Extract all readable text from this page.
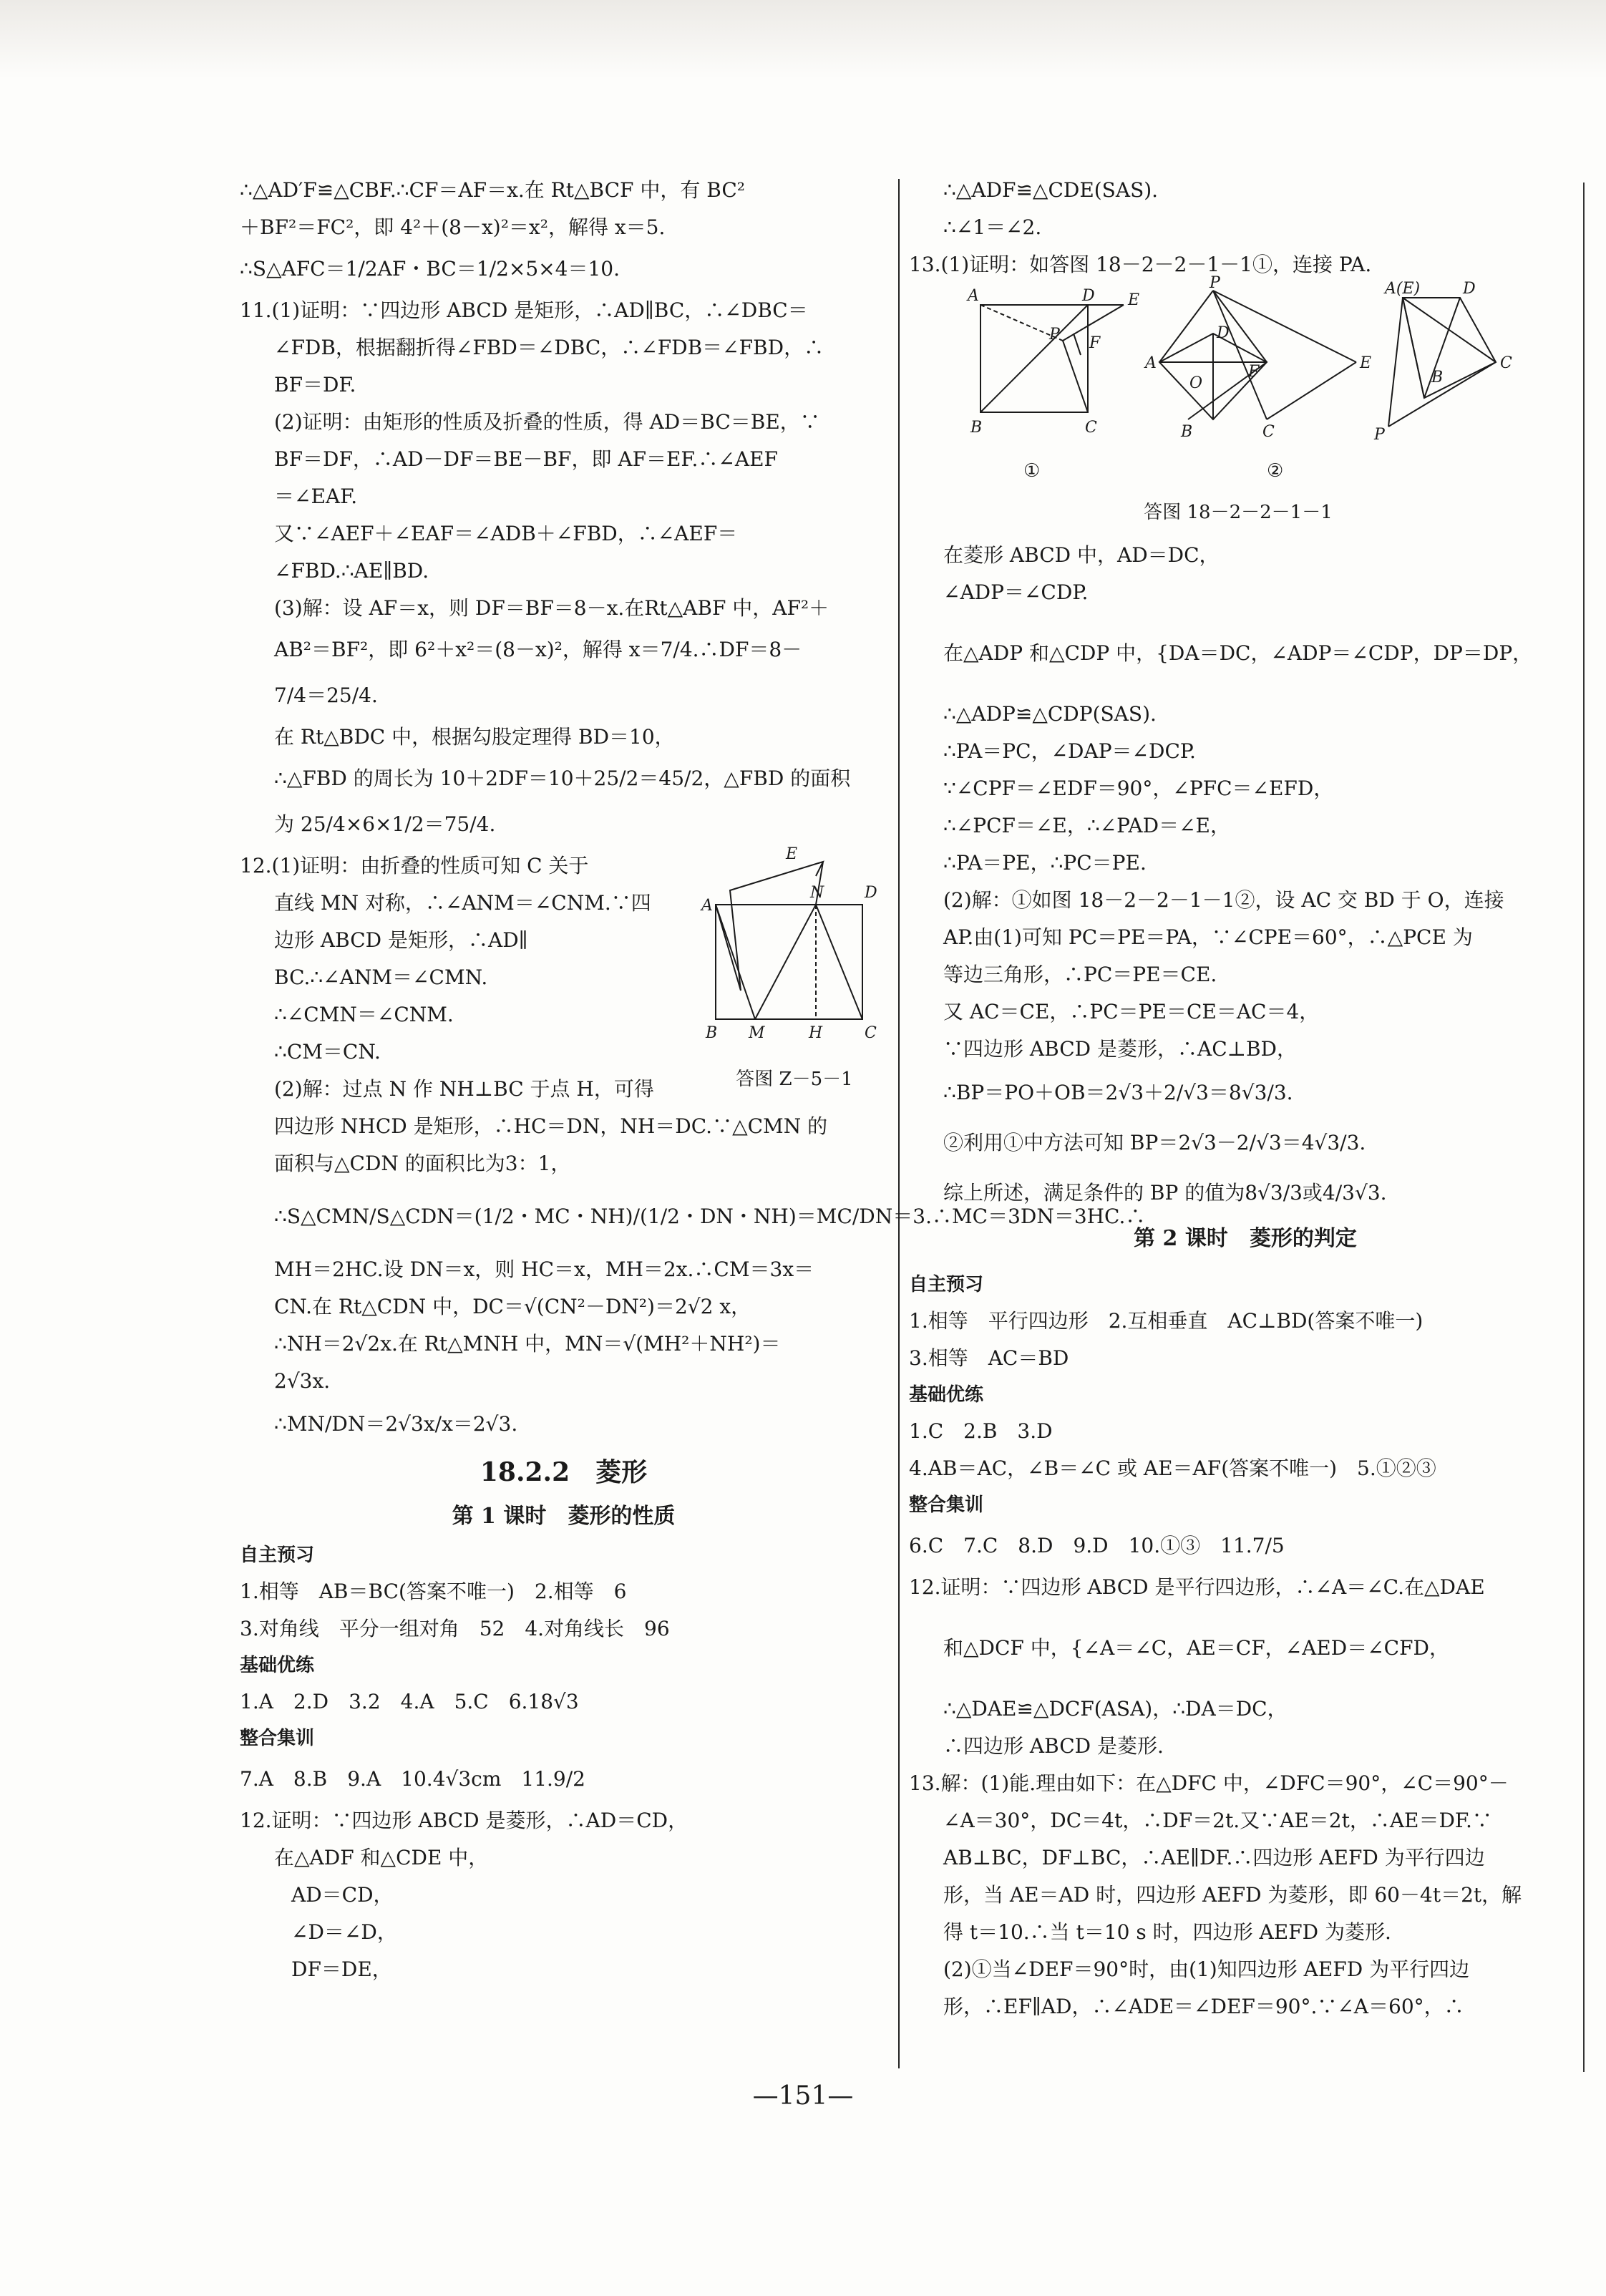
∴△AD′F≌△CBF.∴CF＝AF＝x.在 Rt△BCF 中，有 BC²
＋BF²＝FC²，即 4²＋(8－x)²＝x²，解得 x＝5.
∴S△AFC＝1/2AF・BC＝1/2×5×4＝10.
11.(1)证明：∵四边形 ABCD 是矩形，∴AD∥BC，∴∠DBC＝
∠FDB，根据翻折得∠FBD＝∠DBC，∴∠FDB＝∠FBD，∴
BF＝DF.
(2)证明：由矩形的性质及折叠的性质，得 AD＝BC＝BE，∵
BF＝DF，∴AD－DF＝BE－BF，即 AF＝EF.∴∠AEF
＝∠EAF.
又∵∠AEF＋∠EAF＝∠ADB＋∠FBD，∴∠AEF＝
∠FBD.∴AE∥BD.
(3)解：设 AF＝x，则 DF＝BF＝8－x.在Rt△ABF 中，AF²＋
AB²＝BF²，即 6²＋x²＝(8－x)²，解得 x＝7/4.∴DF＝8－
7/4＝25/4.
在 Rt△BDC 中，根据勾股定理得 BD＝10，
∴△FBD 的周长为 10＋2DF＝10＋25/2＝45/2，△FBD 的面积
为 25/4×6×1/2＝75/4.
12.(1)证明：由折叠的性质可知 C 关于
直线 MN 对称，∴∠ANM＝∠CNM.∵四
边形 ABCD 是矩形，∴AD∥
BC.∴∠ANM＝∠CMN.
∴∠CMN＝∠CNM.
∴CM＝CN.
(2)解：过点 N 作 NH⊥BC 于点 H，可得
E
A
N	D
B M	H	C
答图 Z－5－1
四边形 NHCD 是矩形，∴HC＝DN，NH＝DC.∵△CMN 的
面积与△CDN 的面积比为3：1，
∴S△CMN/S△CDN＝(1/2・MC・NH)/(1/2・DN・NH)＝MC/DN＝3.∴MC＝3DN＝3HC.∴
MH＝2HC.设 DN＝x，则 HC＝x，MH＝2x.∴CM＝3x＝
CN.在 Rt△CDN 中，DC＝√(CN²－DN²)＝2√2 x，
∴NH＝2√2x.在 Rt△MNH 中，MN＝√(MH²＋NH²)＝
2√3x.
∴MN/DN＝2√3x/x＝2√3.
18.2.2　菱形
第 1 课时　菱形的性质
自主预习
1.相等　AB＝BC(答案不唯一)　2.相等　6
3.对角线　平分一组对角　52　4.对角线长　96
基础优练
1.A　2.D　3.2　4.A　5.C　6.18√3
整合集训
7.A　8.B　9.A　10.4√3cm　11.9/2
12.证明：∵四边形 ABCD 是菱形，∴AD＝CD，
在△ADF 和△CDE 中，
AD＝CD，
∠D＝∠D，
DF＝DE，
∴△ADF≌△CDE(SAS).
∴∠1＝∠2.
13.(1)证明：如答图 18－2－2－1－1①，连接 PA.
A	D E
P F
B	C
P
A
D
O
F	E
B	C
A(E)	D
B
C
P
①	②
答图 18－2－2－1－1
在菱形 ABCD 中，AD＝DC，
∠ADP＝∠CDP.
在△ADP 和△CDP 中，{DA＝DC，∠ADP＝∠CDP，DP＝DP，
∴△ADP≌△CDP(SAS).
∴PA＝PC，∠DAP＝∠DCP.
∵∠CPF＝∠EDF＝90°，∠PFC＝∠EFD，
∴∠PCF＝∠E，∴∠PAD＝∠E，
∴PA＝PE，∴PC＝PE.
(2)解：①如图 18－2－2－1－1②，设 AC 交 BD 于 O，连接
AP.由(1)可知 PC＝PE＝PA，∵∠CPE＝60°，∴△PCE 为
等边三角形，∴PC＝PE＝CE.
又 AC＝CE，∴PC＝PE＝CE＝AC＝4，
∵四边形 ABCD 是菱形，∴AC⊥BD，
∴BP＝PO＋OB＝2√3＋2/√3＝8√3/3.
②利用①中方法可知 BP＝2√3－2/√3＝4√3/3.
综上所述，满足条件的 BP 的值为8√3/3或4/3√3.
第 2 课时　菱形的判定
自主预习
1.相等　平行四边形　2.互相垂直　AC⊥BD(答案不唯一)
3.相等　AC＝BD
基础优练
1.C　2.B　3.D
4.AB＝AC，∠B＝∠C 或 AE＝AF(答案不唯一)　5.①②③
整合集训
6.C　7.C　8.D　9.D　10.①③　11.7/5
12.证明：∵四边形 ABCD 是平行四边形，∴∠A＝∠C.在△DAE
和△DCF 中，{∠A＝∠C，AE＝CF，∠AED＝∠CFD，
∴△DAE≌△DCF(ASA)，∴DA＝DC，
∴四边形 ABCD 是菱形.
13.解：(1)能.理由如下：在△DFC 中，∠DFC＝90°，∠C＝90°－
∠A＝30°，DC＝4t，∴DF＝2t.又∵AE＝2t，∴AE＝DF.∵
AB⊥BC，DF⊥BC，∴AE∥DF.∴四边形 AEFD 为平行四边
形，当 AE＝AD 时，四边形 AEFD 为菱形，即 60－4t＝2t，解
得 t＝10.∴当 t＝10 s 时，四边形 AEFD 为菱形.
(2)①当∠DEF＝90°时，由(1)知四边形 AEFD 为平行四边
形，∴EF∥AD，∴∠ADE＝∠DEF＝90°.∵∠A＝60°，∴
—151—
